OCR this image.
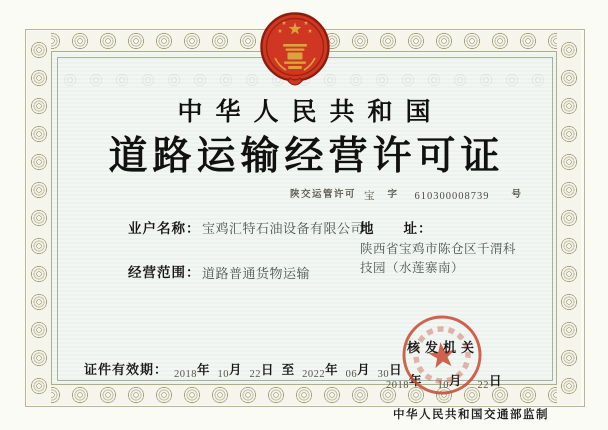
中华人民共和国
道路运输经营许可证
陕交运管许可 宝 字 610300008739 号
业户名称： 宝鸡汇特石油设备有限公司
地　　址：
陕西省宝鸡市陈仓区千渭科
技园（水莲寨南）
经营范围： 道路普通货物运输
证件有效期： 2018 年 10 月 22 日 至 2022 年 06 月 30 日
核发机关
2018 年 10 月 22 日
中华人民共和国交通部监制
